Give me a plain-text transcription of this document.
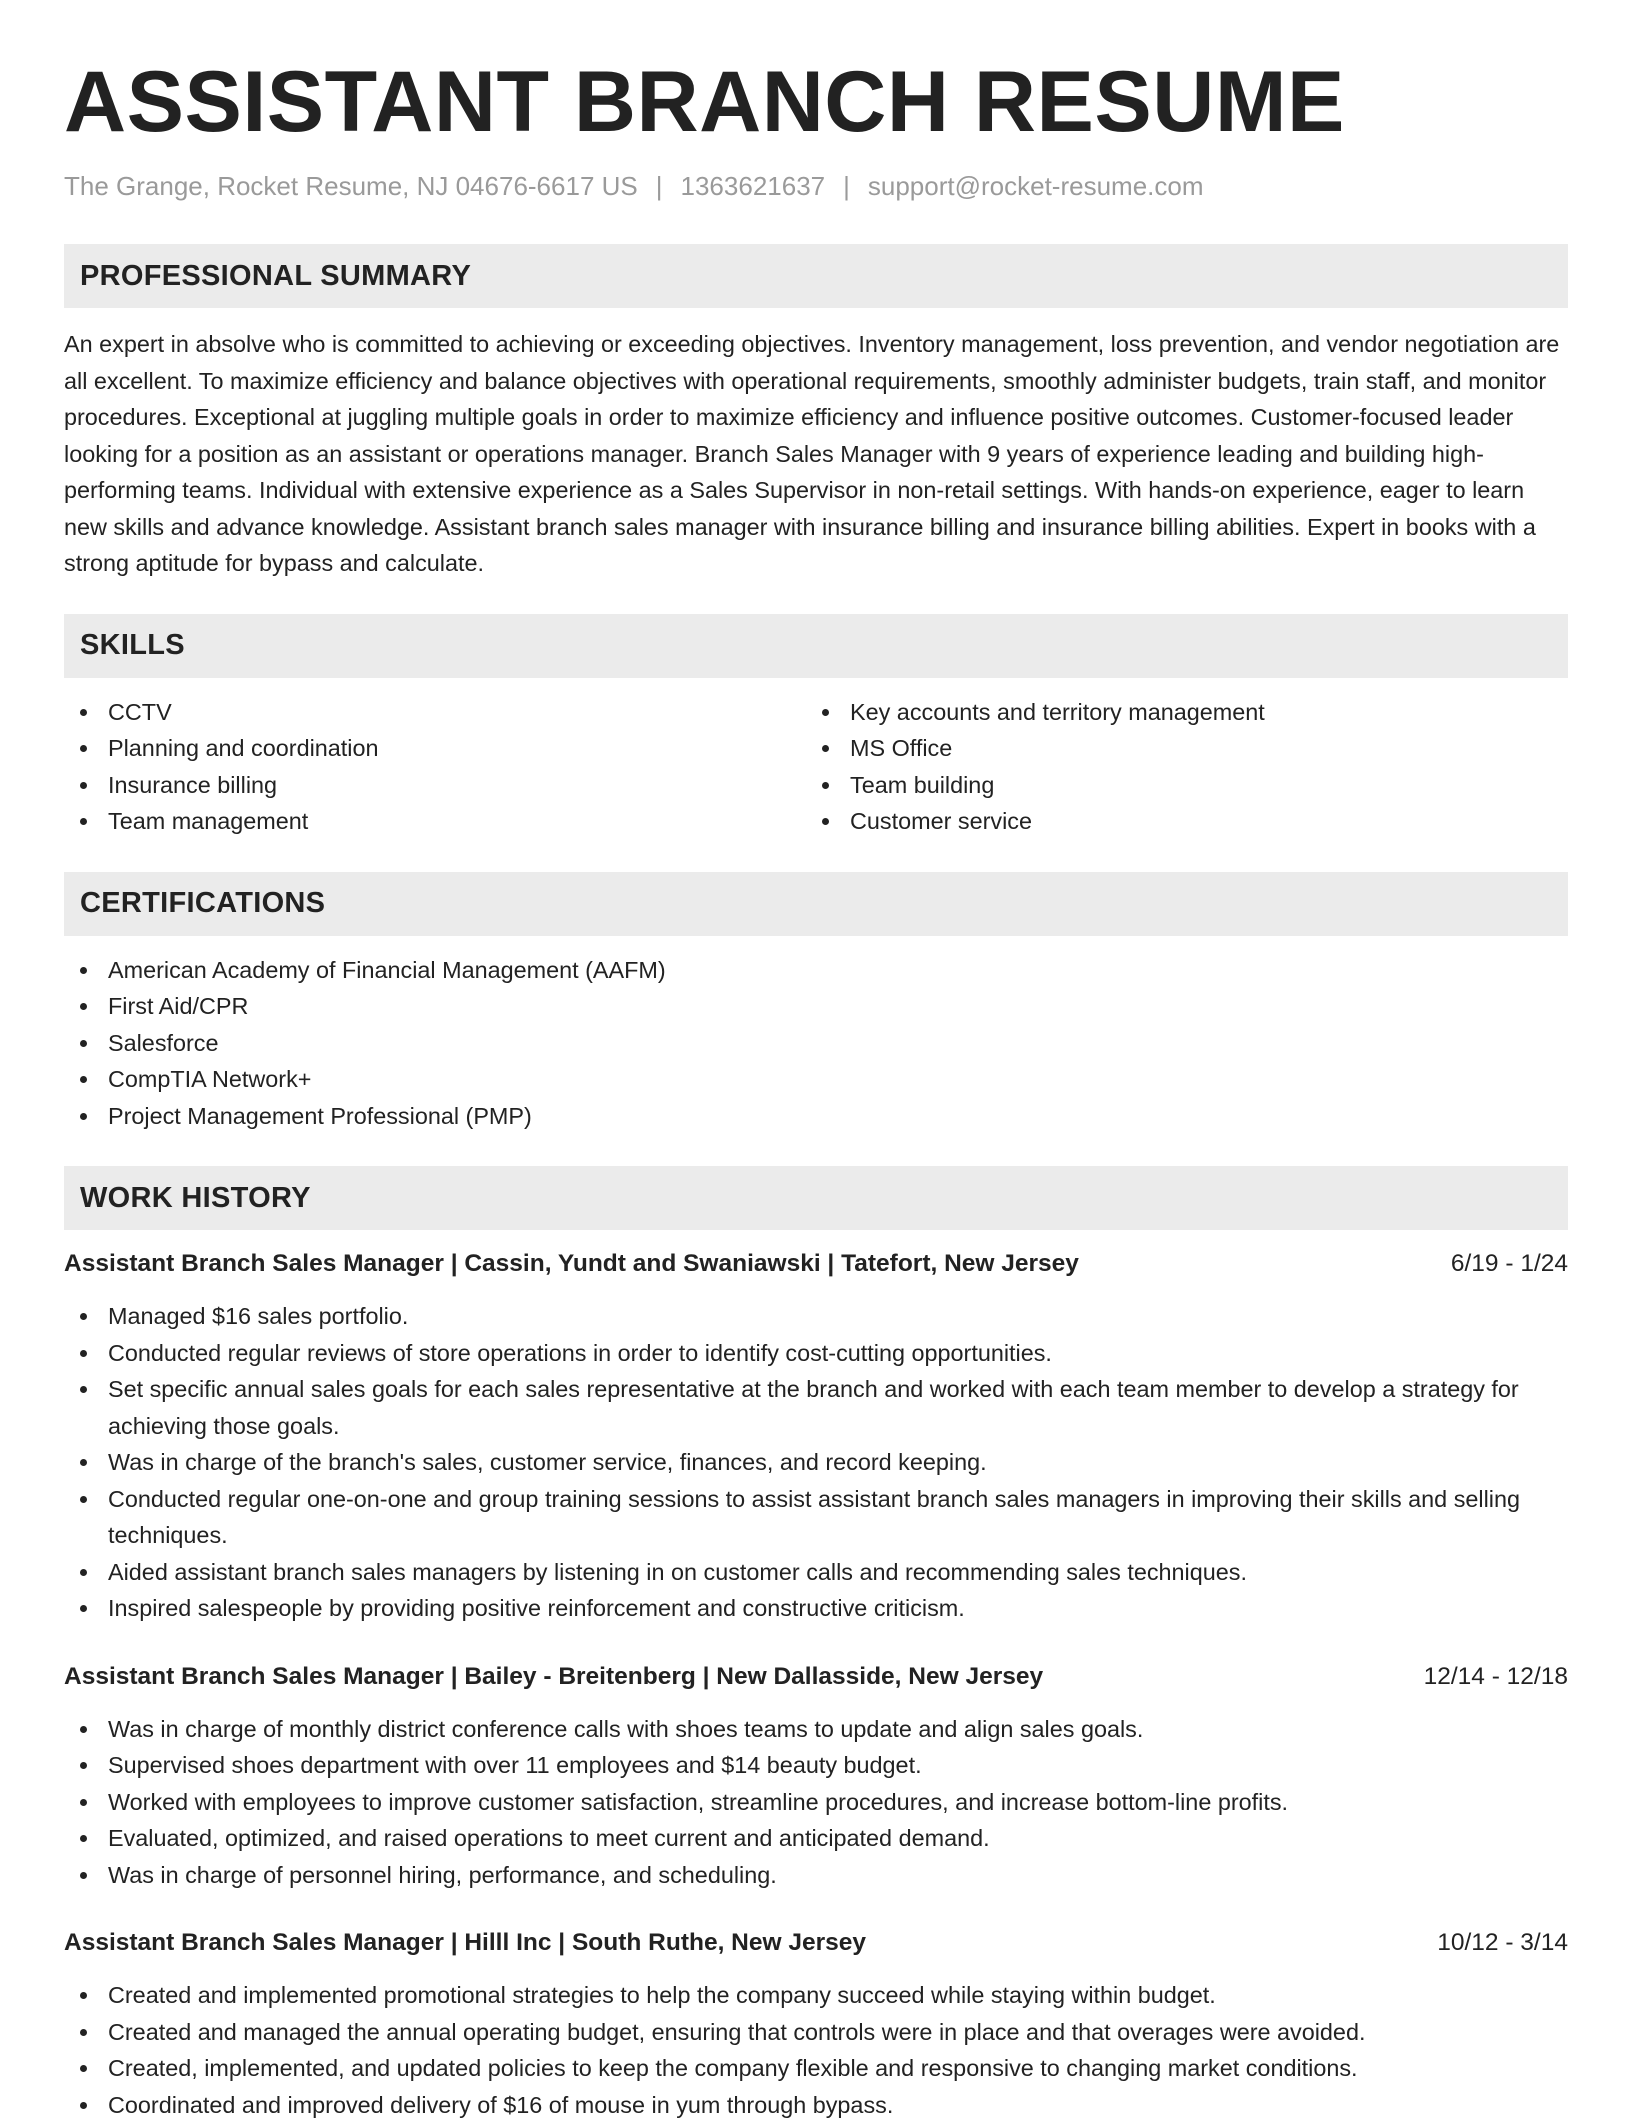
ASSISTANT BRANCH RESUME
The Grange, Rocket Resume, NJ 04676-6617 US | 1363621637 | support@rocket-resume.com
PROFESSIONAL SUMMARY

An expert in absolve who is committed to achieving or exceeding objectives. Inventory management, loss prevention, and vendor negotiation are all excellent. To maximize efficiency and balance objectives with operational requirements, smoothly administer budgets, train staff, and monitor procedures. Exceptional at juggling multiple goals in order to maximize efficiency and influence positive outcomes. Customer-focused leader looking for a position as an assistant or operations manager. Branch Sales Manager with 9 years of experience leading and building high-performing teams. Individual with extensive experience as a Sales Supervisor in non-retail settings. With hands-on experience, eager to learn new skills and advance knowledge. Assistant branch sales manager with insurance billing and insurance billing abilities. Expert in books with a strong aptitude for bypass and calculate.

SKILLS
CCTV
Planning and coordination
Insurance billing
Team management
Key accounts and territory management
MS Office
Team building
Customer service
CERTIFICATIONS
American Academy of Financial Management (AAFM)
First Aid/CPR
Salesforce
CompTIA Network+
Project Management Professional (PMP)
WORK HISTORY
Assistant Branch Sales Manager | Cassin, Yundt and Swaniawski | Tatefort, New Jersey	6/19 - 1/24
Managed $16 sales portfolio.
Conducted regular reviews of store operations in order to identify cost-cutting opportunities.
Set specific annual sales goals for each sales representative at the branch and worked with each team member to develop a strategy for achieving those goals.
Was in charge of the branch's sales, customer service, finances, and record keeping.
Conducted regular one-on-one and group training sessions to assist assistant branch sales managers in improving their skills and selling techniques.
Aided assistant branch sales managers by listening in on customer calls and recommending sales techniques.
Inspired salespeople by providing positive reinforcement and constructive criticism.
Assistant Branch Sales Manager | Bailey - Breitenberg | New Dallasside, New Jersey	12/14 - 12/18
Was in charge of monthly district conference calls with shoes teams to update and align sales goals.
Supervised shoes department with over 11 employees and $14 beauty budget.
Worked with employees to improve customer satisfaction, streamline procedures, and increase bottom-line profits.
Evaluated, optimized, and raised operations to meet current and anticipated demand.
Was in charge of personnel hiring, performance, and scheduling.
Assistant Branch Sales Manager | Hilll Inc | South Ruthe, New Jersey	10/12 - 3/14
Created and implemented promotional strategies to help the company succeed while staying within budget.
Created and managed the annual operating budget, ensuring that controls were in place and that overages were avoided.
Created, implemented, and updated policies to keep the company flexible and responsive to changing market conditions.
Coordinated and improved delivery of $16 of mouse in yum through bypass.
